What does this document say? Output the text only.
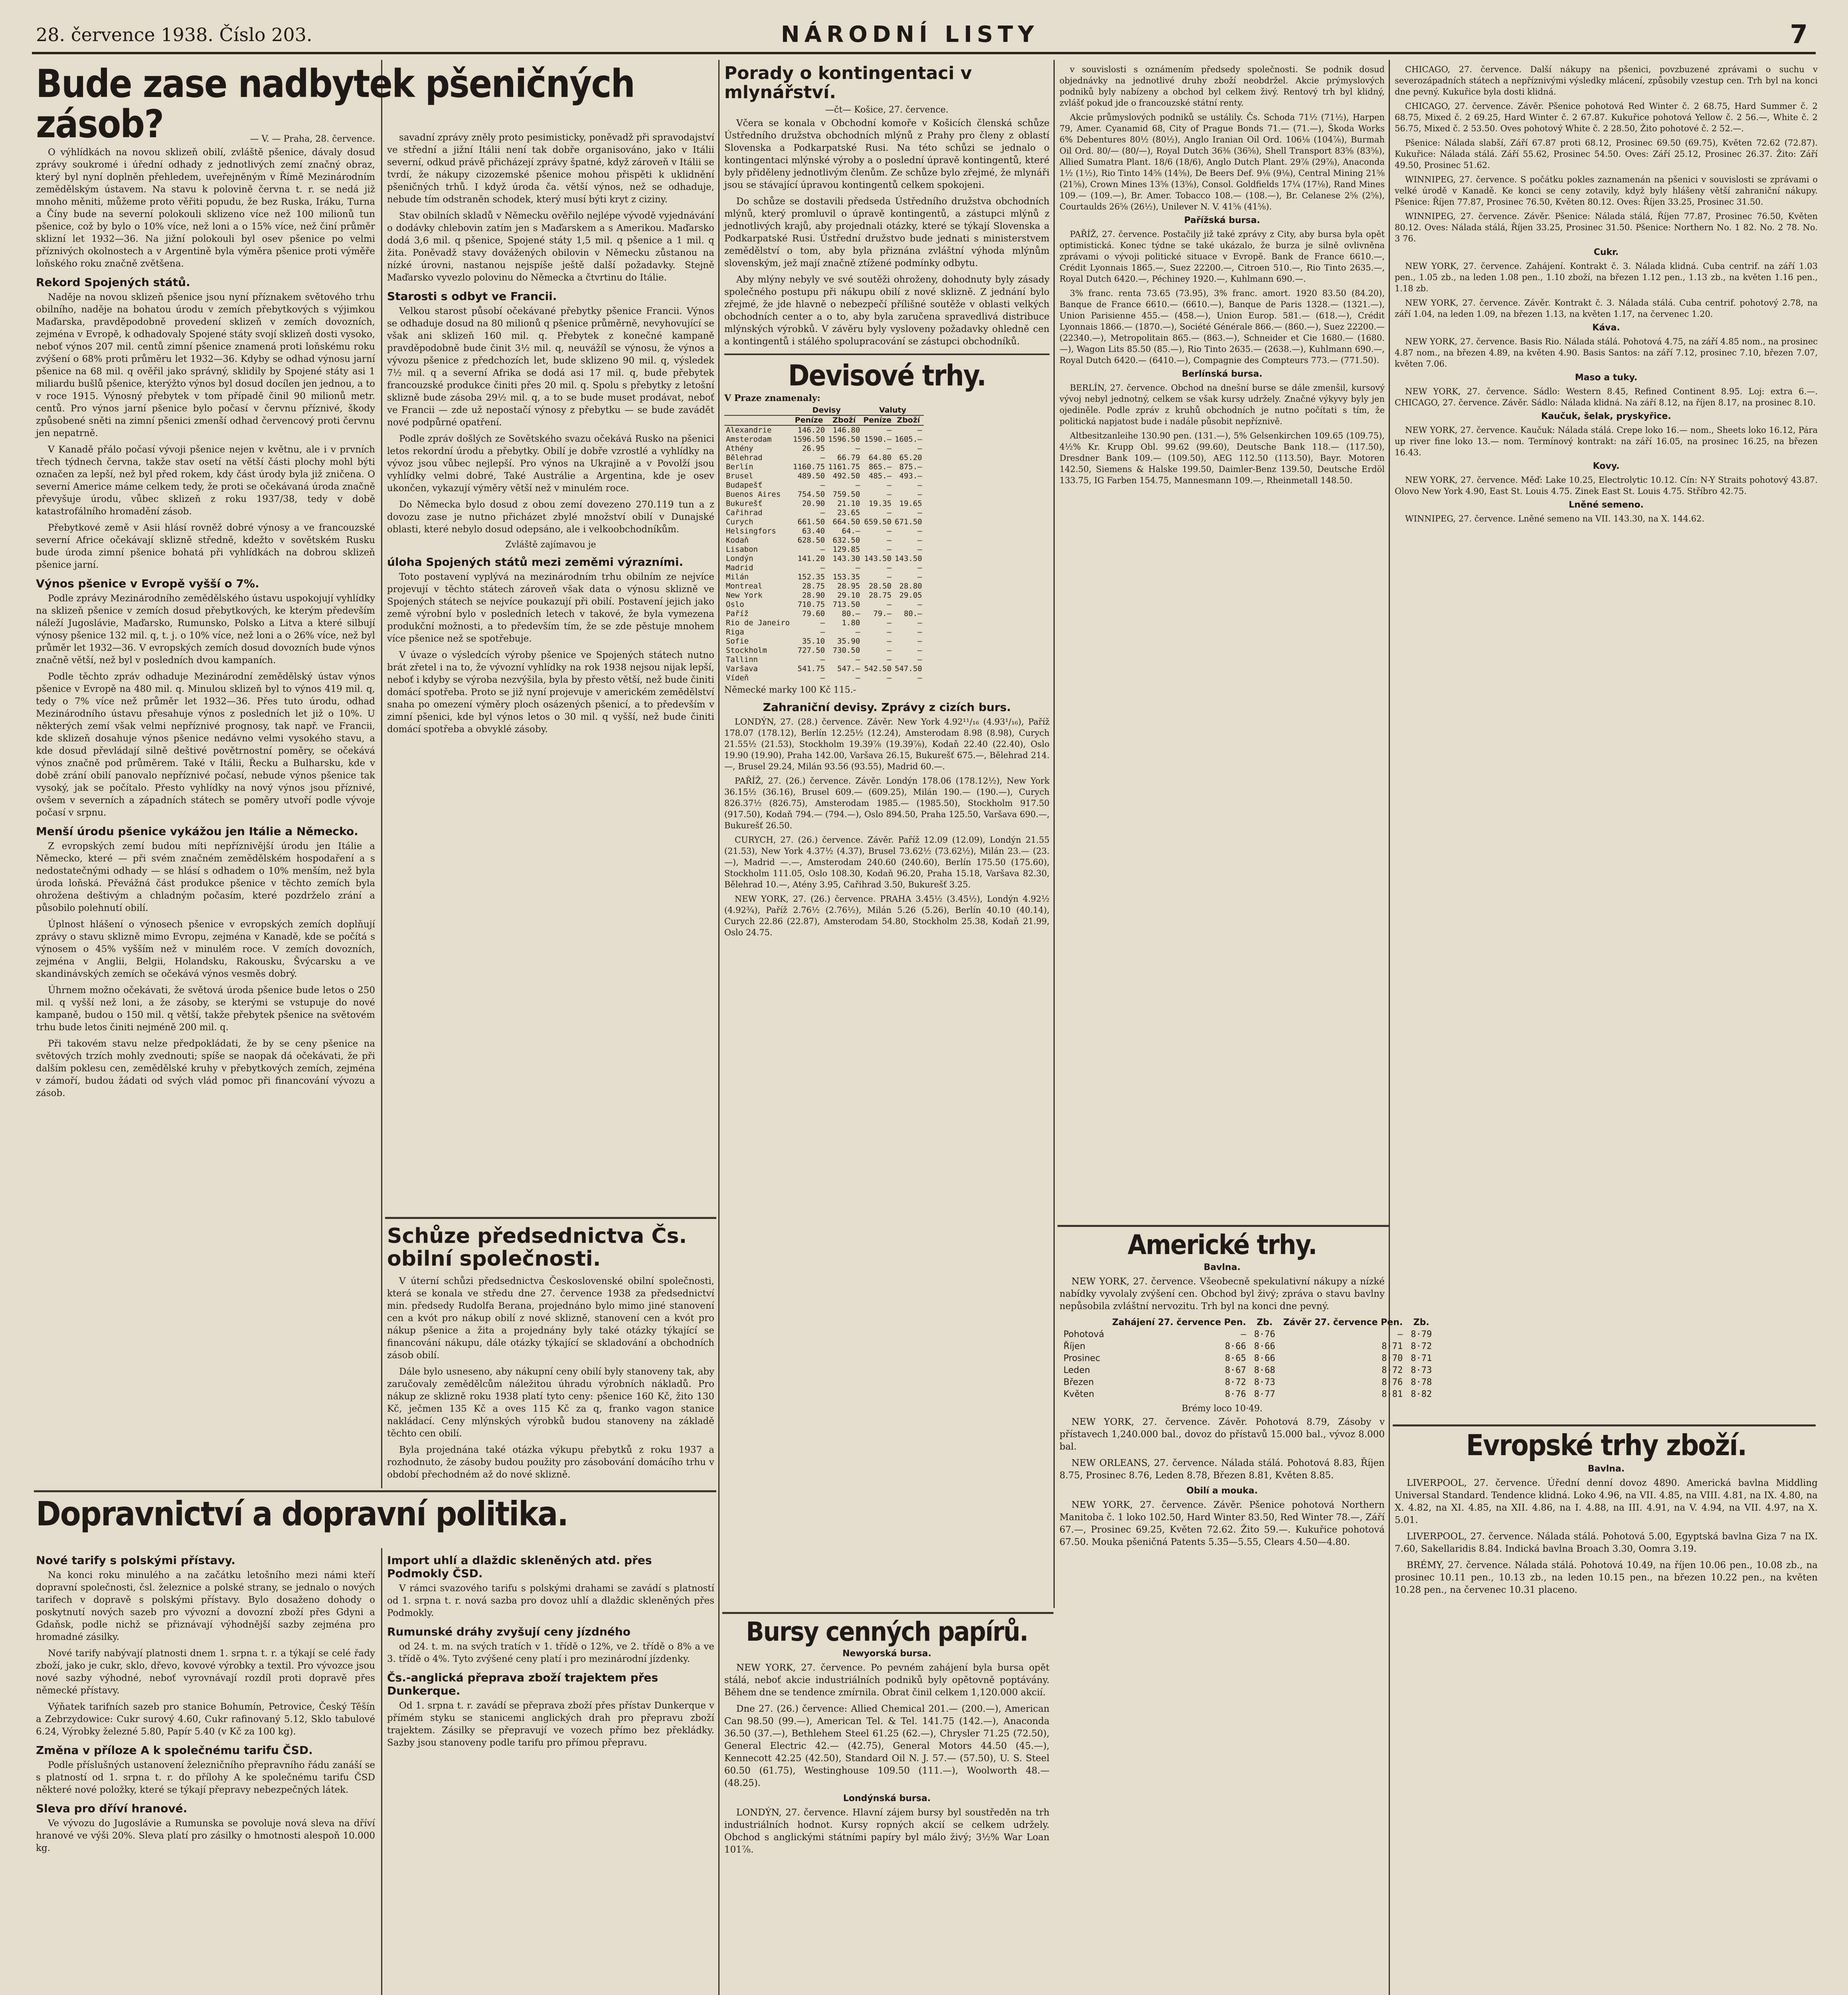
28. července 1938. Číslo 203.	NÁRODNÍ LISTY	7
Bude zase nadbytek pšeničných zásob?	— V. — Praha, 28. července.

O výhlídkách na novou sklizeň obilí, zvláště pšenice, dávaly dosud zprávy soukromé i úřední odhady z jednotlivých zemí značný obraz, který byl nyní doplněn přehledem, uveřejněným v Římě Mezinárodním zemědělským ústavem. Na stavu k polovině června t. r. se nedá již mnoho měniti, můžeme proto věřiti popudu, že bez Ruska, Iráku, Turna a Číny bude na severní polokouli sklizeno více než 100 milionů tun pšenice, což by bylo o 10% více, než loni a o 15% více, než činí průměr sklizní let 1932—36. Na jižní polokouli byl osev pšenice po velmi příznivých okolnostech a v Argentině byla výměra pšenice proti výměře loňského roku značně zvětšena.

Rekord Spojených států.

Naděje na novou sklizeň pšenice jsou nyní příznakem světového trhu obilního, naděje na bohatou úrodu v zemích přebytkových s výjimkou Maďarska, pravděpodobně provedení sklizeň v zemích dovozních, zejména v Evropě, k odhadovaly Spojené státy svojí sklizeň dosti vysoko, neboť výnos 207 mil. centů zimní pšenice znamená proti loňskému roku zvýšení o 68% proti průměru let 1932—36. Kdyby se odhad výnosu jarní pšenice na 68 mil. q ověřil jako správný, sklidily by Spojené státy asi 1 miliardu bušlů pšenice, kterýžto výnos byl dosud docílen jen jednou, a to v roce 1915. Výnosný přebytek v tom případě činil 90 milionů metr. centů. Pro výnos jarní pšenice bylo počasí v červnu příznivé, škody způsobené sněti na zimní pšenici zmenší odhad červencový proti červnu jen nepatrně.

V Kanadě přálo počasí vývoji pšenice nejen v květnu, ale i v prvních třech týdnech června, takže stav osetí na větší části plochy mohl býti označen za lepší, než byl před rokem, kdy část úrody byla již zničena. O severní Americe máme celkem tedy, že proti se očekávaná úroda značně převyšuje úrodu, vůbec sklizeň z roku 1937/38, tedy v době katastrofálního hromadění zásob.

Přebytkové země v Asii hlásí rovněž dobré výnosy a ve francouzské severní Africe očekávají sklizně středně, kdežto v sovětském Rusku bude úroda zimní pšenice bohatá při vyhlídkách na dobrou sklizeň pšenice jarní.

Výnos pšenice v Evropě vyšší o 7%.

Podle zprávy Mezinárodního zemědělského ústavu uspokojují vyhlídky na sklizeň pšenice v zemích dosud přebytkových, ke kterým především náleží Jugoslávie, Maďarsko, Rumunsko, Polsko a Litva a které silbují výnosy pšenice 132 mil. q, t. j. o 10% více, než loni a o 26% více, než byl průměr let 1932—36. V evropských zemích dosud dovozních bude výnos značně větší, než byl v posledních dvou kampaních.

Podle těchto zpráv odhaduje Mezinárodní zemědělský ústav výnos pšenice v Evropě na 480 mil. q. Minulou sklizeň byl to výnos 419 mil. q, tedy o 7% více než průměr let 1932—36. Přes tuto úrodu, odhad Mezinárodního ústavu přesahuje výnos z posledních let již o 10%. U některých zemí však velmi nepříznivé prognosy, tak např. ve Francii, kde sklizeň dosahuje výnos pšenice nedávno velmi vysokého stavu, a kde dosud převládají silně deštivé povětrnostní poměry, se očekává výnos značně pod průměrem. Také v Itálii, Řecku a Bulharsku, kde v době zrání obilí panovalo nepříznivé počasí, nebude výnos pšenice tak vysoký, jak se počítalo. Přesto vyhlídky na nový výnos jsou příznivé, ovšem v severních a západních státech se poměry utvoří podle vývoje počasí v srpnu.

Menší úrodu pšenice vykážou jen Itálie a Německo.

Z evropských zemí budou míti nepříznivější úrodu jen Itálie a Německo, které — při svém značném zemědělském hospodaření a s nedostatečnými odhady — se hlásí s odhadem o 10% menším, než byla úroda loňská. Převážná část produkce pšenice v těchto zemích byla ohrožena deštivým a chladným počasím, které pozdrželo zrání a působilo polehnutí obilí.

Úplnost hlášení o výnosech pšenice v evropských zemích doplňují zprávy o stavu sklizně mimo Evropu, zejména v Kanadě, kde se počítá s výnosem o 45% vyšším než v minulém roce. V zemích dovozních, zejména v Anglii, Belgii, Holandsku, Rakousku, Švýcarsku a ve skandinávských zemích se očekává výnos vesměs dobrý.

Úhrnem možno očekávati, že světová úroda pšenice bude letos o 250 mil. q vyšší než loni, a že zásoby, se kterými se vstupuje do nové kampaně, budou o 150 mil. q větší, takže přebytek pšenice na světovém trhu bude letos činiti nejméně 200 mil. q.

Při takovém stavu nelze předpokládati, že by se ceny pšenice na světových trzích mohly zvednouti; spíše se naopak dá očekávati, že při dalším poklesu cen, zemědělské kruhy v přebytkových zemích, zejména v zámoří, budou žádati od svých vlád pomoc při financování vývozu a zásob.

savadní zprávy zněly proto pesimisticky, poněvadž při spravodajství ve střední a jižní Itálii není tak dobře organisováno, jako v Itálii severní, odkud právě přicházejí zprávy špatné, když zároveň v Itálii se tvrdí, že nákupy cizozemské pšenice mohou přispěti k uklidnění pšeničných trhů. I když úroda ča. větší výnos, než se odhaduje, nebude tím odstraněn schodek, který musí býti kryt z ciziny.

Stav obilních skladů v Německu ověřilo nejlépe vývodě vyjednávání o dodávky chlebovin zatím jen s Maďarskem a s Amerikou. Maďarsko dodá 3,6 mil. q pšenice, Spojené státy 1,5 mil. q pšenice a 1 mil. q žita. Poněvadž stavy dovážených obilovin v Německu zůstanou na nízké úrovni, nastanou nejspíše ještě další požadavky. Stejně Maďarsko vyvezlo polovinu do Německa a čtvrtinu do Itálie.

Starosti s odbyt ve Francii.

Velkou starost působí očekávané přebytky pšenice Francii. Výnos se odhaduje dosud na 80 milionů q pšenice průměrně, nevyhovující se však ani sklizeň 160 mil. q. Přebytek z konečné kampaně pravděpodobně bude činit 3½ mil. q, neuvážíl se výnosu, že výnos a vývozu pšenice z předchozích let, bude sklizeno 90 mil. q, výsledek 7½ mil. q a severní Afrika se dodá asi 17 mil. q, bude přebytek francouzské produkce činiti přes 20 mil. q. Spolu s přebytky z letošní sklizně bude zásoba 29½ mil. q, a to se bude muset prodávat, neboť ve Francii — zde už nepostačí výnosy z přebytku — se bude zavádět nové podpůrné opatření.

Podle zpráv došlých ze Sovětského svazu očekává Rusko na pšenici letos rekordní úrodu a přebytky. Obilí je dobře vzrostlé a vyhlídky na vývoz jsou vůbec nejlepší. Pro výnos na Ukrajině a v Povolží jsou vyhlídky velmi dobré, Také Austrálie a Argentina, kde je osev ukončen, vykazují výměry větší než v minulém roce.

Do Německa bylo dosud z obou zemí dovezeno 270.119 tun a z dovozu zase je nutno přicházet zbylé množství obilí v Dunajské oblasti, které nebylo dosud odepsáno, ale i velkoobchodníkům.

Zvláště zajímavou je

úloha Spojených států mezi zeměmi výrazními.

Toto postavení vyplývá na mezinárodním trhu obilním ze nejvíce projevují v těchto státech zároveň však data o výnosu sklizně ve Spojených státech se nejvíce poukazují při obilí. Postavení jejich jako země výrobní bylo v posledních letech v takové, že byla vymezena produkční možnosti, a to především tím, že se zde pěstuje mnohem více pšenice než se spotřebuje.

V úvaze o výsledcích výroby pšenice ve Spojených státech nutno brát zřetel i na to, že vývozní vyhlídky na rok 1938 nejsou nijak lepší, neboť i kdyby se výroba nezvýšila, byla by přesto větší, než bude činiti domácí spotřeba. Proto se již nyní projevuje v americkém zemědělství snaha po omezení výměry ploch osázených pšenicí, a to především v zimní pšenici, kde byl výnos letos o 30 mil. q vyšší, než bude činiti domácí spotřeba a obvyklé zásoby.

Schůze předsednictva Čs. obilní společnosti.

V úterní schůzi předsednictva Československé obilní společnosti, která se konala ve středu dne 27. července 1938 za předsednictví min. předsedy Rudolfa Berana, projednáno bylo mimo jiné stanovení cen a kvót pro nákup obilí z nové sklizně, stanovení cen a kvót pro nákup pšenice a žita a projednány byly také otázky týkající se financování nákupu, dále otázky týkající se skladování a obchodních zásob obilí.

Dále bylo usneseno, aby nákupní ceny obilí byly stanoveny tak, aby zaručovaly zemědělcům náležitou úhradu výrobních nákladů. Pro nákup ze sklizně roku 1938 platí tyto ceny: pšenice 160 Kč, žito 130 Kč, ječmen 135 Kč a oves 115 Kč za q, franko vagon stanice nakládací. Ceny mlýnských výrobků budou stanoveny na základě těchto cen obilí.

Byla projednána také otázka výkupu přebytků z roku 1937 a rozhodnuto, že zásoby budou použity pro zásobování domácího trhu v období přechodném až do nové sklizně.

Dopravnictví a dopravní politika.

Nové tarify s polskými přístavy.

Na konci roku minulého a na začátku letošního mezi námi kteří dopravní společnosti, čsl. železnice a polské strany, se jednalo o nových tarifech v dopravě s polskými přístavy. Bylo dosaženo dohody o poskytnutí nových sazeb pro vývozní a dovozní zboží přes Gdyni a Gdaňsk, podle nichž se přiznávají výhodnější sazby zejména pro hromadné zásilky.

Nové tarify nabývají platnosti dnem 1. srpna t. r. a týkají se celé řady zboží, jako je cukr, sklo, dřevo, kovové výrobky a textil. Pro vývozce jsou nové sazby výhodné, neboť vyrovnávají rozdíl proti dopravě přes německé přístavy.

Výňatek tarifních sazeb pro stanice Bohumín, Petrovice, Český Těšín a Zebrzydowice: Cukr surový 4.60, Cukr rafinovaný 5.12, Sklo tabulové 6.24, Výrobky železné 5.80, Papír 5.40 (v Kč za 100 kg).

Změna v příloze A k společnému tarifu ČSD.

Podle příslušných ustanovení železničního přepravního řádu zanáší se s platností od 1. srpna t. r. do přílohy A ke společnému tarifu ČSD některé nové položky, které se týkají přepravy nebezpečných látek.

Sleva pro dříví hranové.

Ve vývozu do Jugoslávie a Rumunska se povoluje nová sleva na dříví hranové ve výši 20%. Sleva platí pro zásilky o hmotnosti alespoň 10.000 kg.

Import uhlí a dlaždic skleněných atd. přes Podmokly ČSD.

V rámci svazového tarifu s polskými drahami se zavádí s platností od 1. srpna t. r. nová sazba pro dovoz uhlí a dlaždic skleněných přes Podmokly.

Rumunské dráhy zvyšují ceny jízdného

od 24. t. m. na svých tratích v 1. třídě o 12%, ve 2. třídě o 8% a ve 3. třídě o 4%. Tyto zvýšené ceny platí i pro mezinárodní jízdenky.

Čs.-anglická přeprava zboží trajektem přes Dunkerque.

Od 1. srpna t. r. zavádí se přeprava zboží přes přístav Dunkerque v přímém styku se stanicemi anglických drah pro přepravu zboží trajektem. Zásilky se přepravují ve vozech přímo bez překládky. Sazby jsou stanoveny podle tarifu pro přímou přepravu.

Porady o kontingentaci v mlynářství.

—čt— Košice, 27. července.

Včera se konala v Obchodní komoře v Košicích členská schůze Ústředního družstva obchodních mlýnů z Prahy pro členy z oblastí Slovenska a Podkarpatské Rusi. Na této schůzi se jednalo o kontingentaci mlýnské výroby a o poslední úpravě kontingentů, které byly přiděleny jednotlivým členům. Ze schůze bylo zřejmé, že mlynáři jsou se stávající úpravou kontingentů celkem spokojeni.

Do schůze se dostavili předseda Ústředního družstva obchodních mlýnů, který promluvil o úpravě kontingentů, a zástupci mlýnů z jednotlivých krajů, aby projednali otázky, které se týkají Slovenska a Podkarpatské Rusi. Ústřední družstvo bude jednati s ministerstvem zemědělství o tom, aby byla přiznána zvláštní výhoda mlýnům slovenským, jež mají značně ztížené podmínky odbytu.

Aby mlýny nebyly ve své soutěži ohroženy, dohodnuty byly zásady společného postupu při nákupu obilí z nové sklizně. Z jednání bylo zřejmé, že jde hlavně o nebezpečí přílišné soutěže v oblasti velkých obchodních center a o to, aby byla zaručena spravedlivá distribuce mlýnských výrobků. V závěru byly vysloveny požadavky ohledně cen a kontingentů i stálého spolupracování se zástupci obchodníků.

Devisové trhy.

V Praze znamenaly:

	Devisy		Valuty	
	Peníze	Zboží	Peníze	Zboží
Alexandrie	146.20	146.80	—	—
Amsterodam	1596.50	1596.50	1590.—	1605.—
Athény	26.95	—	—	—
Bělehrad	—	66.79	64.80	65.20
Berlín	1160.75	1161.75	865.—	875.—
Brusel	489.50	492.50	485.—	493.—
Budapešť	—	—	—	—
Buenos Aires	754.50	759.50	—	—
Bukurešť	20.90	21.10	19.35	19.65
Cařihrad	—	23.65	—	—
Curych	661.50	664.50	659.50	671.50
Helsingfors	63.40	64.—	—	—
Kodaň	628.50	632.50	—	—
Lisabon	—	129.85	—	—
Londýn	141.20	143.30	143.50	143.50
Madrid	—	—	—	—
Milán	152.35	153.35	—	—
Montreal	28.75	28.95	28.50	28.80
New York	28.90	29.10	28.75	29.05
Oslo	710.75	713.50	—	—
Paříž	79.60	80.—	79.—	80.—
Rio de Janeiro	—	1.80	—	—
Riga	—	—	—	—
Sofie	35.10	35.90	—	—
Stockholm	727.50	730.50	—	—
Tallinn	—	—	—	—
Varšava	541.75	547.—	542.50	547.50
Vídeň	—	—	—	—

Německé marky 100 Kč 115.-

Zahraniční devisy. Zprávy z cizích burs.

LONDÝN, 27. (28.) července. Závěr. New York 4.92¹¹/₁₆ (4.93¹/₁₆), Paříž 178.07 (178.12), Berlín 12.25½ (12.24), Amsterodam 8.98 (8.98), Curych 21.55½ (21.53), Stockholm 19.39⅞ (19.39⅞), Kodaň 22.40 (22.40), Oslo 19.90 (19.90), Praha 142.00, Varšava 26.15, Bukurešť 675.—, Bělehrad 214.—, Brusel 29.24, Milán 93.56 (93.55), Madrid 60.—.

PAŘÍŽ, 27. (26.) července. Závěr. Londýn 178.06 (178.12½), New York 36.15½ (36.16), Brusel 609.— (609.25), Milán 190.— (190.—), Curych 826.37½ (826.75), Amsterodam 1985.— (1985.50), Stockholm 917.50 (917.50), Kodaň 794.— (794.—), Oslo 894.50, Praha 125.50, Varšava 690.—, Bukurešť 26.50.

CURYCH, 27. (26.) července. Závěr. Paříž 12.09 (12.09), Londýn 21.55 (21.53), New York 4.37½ (4.37), Brusel 73.62½ (73.62½), Milán 23.— (23.—), Madrid —.—, Amsterodam 240.60 (240.60), Berlín 175.50 (175.60), Stockholm 111.05, Oslo 108.30, Kodaň 96.20, Praha 15.18, Varšava 82.30, Bělehrad 10.—, Atény 3.95, Cařihrad 3.50, Bukurešť 3.25.

NEW YORK, 27. (26.) července. PRAHA 3.45½ (3.45½), Londýn 4.92½ (4.92¾), Paříž 2.76½ (2.76½), Milán 5.26 (5.26), Berlín 40.10 (40.14), Curych 22.86 (22.87), Amsterodam 54.80, Stockholm 25.38, Kodaň 21.99, Oslo 24.75.

Bursy cenných papírů.

Newyorská bursa.

NEW YORK, 27. července. Po pevném zahájení byla bursa opět stálá, neboť akcie industriálních podniků byly opětovně poptávány. Během dne se tendence zmírnila. Obrat činil celkem 1,120.000 akcií.

Dne 27. (26.) července: Allied Chemical 201.— (200.—), American Can 98.50 (99.—), American Tel. & Tel. 141.75 (142.—), Anaconda 36.50 (37.—), Bethlehem Steel 61.25 (62.—), Chrysler 71.25 (72.50), General Electric 42.— (42.75), General Motors 44.50 (45.—), Kennecott 42.25 (42.50), Standard Oil N. J. 57.— (57.50), U. S. Steel 60.50 (61.75), Westinghouse 109.50 (111.—), Woolworth 48.— (48.25).

Londýnská bursa.

LONDÝN, 27. července. Hlavní zájem bursy byl soustředěn na trh industriálních hodnot. Kursy ropných akcií se celkem udržely. Obchod s anglickými státními papíry byl málo živý; 3½% War Loan 101⅞.

v souvislosti s oznámením předsedy společnosti. Se podnik dosud objednávky na jednotlivé druhy zboží neobdržel. Akcie prýmyslových podniků byly nabízeny a obchod byl celkem živý. Rentový trh byl klidný, zvlášť pokud jde o francouzské státní renty.

Akcie průmyslových podniků se ustálily. Čs. Schoda 71½ (71½), Harpen 79, Amer. Cyanamid 68, City of Prague Bonds 71.— (71.—), Škoda Works 6% Debentures 80½ (80½), Anglo Iranian Oil Ord. 106⅛ (104⅞), Burmah Oil Ord. 80/— (80/—), Royal Dutch 36⅜ (36⅝), Shell Transport 83⅝ (83⅝), Allied Sumatra Plant. 18/6 (18/6), Anglo Dutch Plant. 29⅞ (29⅞), Anaconda 1½ (1½), Rio Tinto 14⅝ (14⅝), De Beers Def. 9⅛ (9⅛), Central Mining 21⅝ (21⅝), Crown Mines 13⅝ (13⅝), Consol. Goldfields 17¼ (17⅛), Rand Mines 109.— (109.—), Br. Amer. Tobacco 108.— (108.—), Br. Celanese 2⅝ (2⅝), Courtaulds 26⅝ (26½), Unilever N. V. 41⅝ (41⅝).

Pařížská bursa.

PAŘÍŽ, 27. července. Postačily již také zprávy z City, aby bursa byla opět optimistická. Konec týdne se také ukázalo, že burza je silně ovlivněna zprávami o vývoji politické situace v Evropě. Bank de France 6610.—, Crédit Lyonnais 1865.—, Suez 22200.—, Citroen 510.—, Rio Tinto 2635.—, Royal Dutch 6420.—, Péchiney 1920.—, Kuhlmann 690.—.

3% franc. renta 73.65 (73.95), 3% franc. amort. 1920 83.50 (84.20), Banque de France 6610.— (6610.—), Banque de Paris 1328.— (1321.—), Union Parisienne 455.— (458.—), Union Europ. 581.— (618.—), Crédit Lyonnais 1866.— (1870.—), Société Générale 866.— (860.—), Suez 22200.— (22340.—), Metropolitain 865.— (863.—), Schneider et Cie 1680.— (1680.—), Wagon Lits 85.50 (85.—), Rio Tinto 2635.— (2638.—), Kuhlmann 690.—, Royal Dutch 6420.— (6410.—), Compagnie des Compteurs 773.— (771.50).

Berlínská bursa.

BERLÍN, 27. července. Obchod na dnešní burse se dále zmenšil, kursový vývoj nebyl jednotný, celkem se však kursy udržely. Značné výkyvy byly jen ojediněle. Podle zpráv z kruhů obchodních je nutno počítati s tím, že politická napjatost bude i nadále působit nepříznivě.

Altbesitzanleihe 130.90 pen. (131.—), 5% Gelsenkirchen 109.65 (109.75), 4½% Kr. Krupp Obl. 99.62 (99.60), Deutsche Bank 118.— (117.50), Dresdner Bank 109.— (109.50), AEG 112.50 (113.50), Bayr. Motoren 142.50, Siemens & Halske 199.50, Daimler-Benz 139.50, Deutsche Erdöl 133.75, IG Farben 154.75, Mannesmann 109.—, Rheinmetall 148.50.

Americké trhy.

Bavlna.

NEW YORK, 27. července. Všeobecně spekulativní nákupy a nízké nabídky vyvolaly zvýšení cen. Obchod byl živý; zpráva o stavu bavlny nepůsobila zvláštní nervozitu. Trh byl na konci dne pevný.

	Zahájení 27. července Pen.	Zb.	Závěr 27. července Pen.	Zb.
Pohotová	—	8·76	—	8·79
Říjen	8·66	8·66	8·71	8·72
Prosinec	8·65	8·66	8·70	8·71
Leden	8·67	8·68	8·72	8·73
Březen	8·72	8·73	8·76	8·78
Květen	8·76	8·77	8·81	8·82

Brémy loco 10·49.

NEW YORK, 27. července. Závěr. Pohotová 8.79, Zásoby v přístavech 1,240.000 bal., dovoz do přístavů 15.000 bal., vývoz 8.000 bal.

NEW ORLEANS, 27. července. Nálada stálá. Pohotová 8.83, Říjen 8.75, Prosinec 8.76, Leden 8.78, Březen 8.81, Květen 8.85.

Obilí a mouka.

NEW YORK, 27. července. Závěr. Pšenice pohotová Northern Manitoba č. 1 loko 102.50, Hard Winter 83.50, Red Winter 78.—, Září 67.—, Prosinec 69.25, Květen 72.62. Žito 59.—. Kukuřice pohotová 67.50. Mouka pšeničná Patents 5.35—5.55, Clears 4.50—4.80.

CHICAGO, 27. července. Další nákupy na pšenici, povzbuzené zprávami o suchu v severozápadních státech a nepříznivými výsledky mlácení, způsobily vzestup cen. Trh byl na konci dne pevný. Kukuřice byla dosti klidná.

CHICAGO, 27. července. Závěr. Pšenice pohotová Red Winter č. 2 68.75, Hard Summer č. 2 68.75, Mixed č. 2 69.25, Hard Winter č. 2 67.87. Kukuřice pohotová Yellow č. 2 56.—, White č. 2 56.75, Mixed č. 2 53.50. Oves pohotový White č. 2 28.50, Žito pohotové č. 2 52.—.

Pšenice: Nálada slabší, Září 67.87 proti 68.12, Prosinec 69.50 (69.75), Květen 72.62 (72.87). Kukuřice: Nálada stálá. Září 55.62, Prosinec 54.50. Oves: Září 25.12, Prosinec 26.37. Žito: Září 49.50, Prosinec 51.62.

WINNIPEG, 27. července. S počátku pokles zaznamenán na pšenici v souvislosti se zprávami o velké úrodě v Kanadě. Ke konci se ceny zotavily, když byly hlášeny větší zahraniční nákupy. Pšenice: Říjen 77.87, Prosinec 76.50, Květen 80.12. Oves: Říjen 33.25, Prosinec 31.50.

WINNIPEG, 27. července. Závěr. Pšenice: Nálada stálá, Říjen 77.87, Prosinec 76.50, Květen 80.12. Oves: Nálada stálá, Říjen 33.25, Prosinec 31.50. Pšenice: Northern No. 1 82. No. 2 78. No. 3 76.

Cukr.

NEW YORK, 27. července. Zahájení. Kontrakt č. 3. Nálada klidná. Cuba centrif. na září 1.03 pen., 1.05 zb., na leden 1.08 pen., 1.10 zboží, na březen 1.12 pen., 1.13 zb., na květen 1.16 pen., 1.18 zb.

NEW YORK, 27. července. Závěr. Kontrakt č. 3. Nálada stálá. Cuba centrif. pohotový 2.78, na září 1.04, na leden 1.09, na březen 1.13, na květen 1.17, na červenec 1.20.

Káva.

NEW YORK, 27. července. Basis Rio. Nálada stálá. Pohotová 4.75, na září 4.85 nom., na prosinec 4.87 nom., na březen 4.89, na květen 4.90. Basis Santos: na září 7.12, prosinec 7.10, březen 7.07, květen 7.06.

Maso a tuky.

NEW YORK, 27. července. Sádlo: Western 8.45, Refined Continent 8.95. Loj: extra 6.—. CHICAGO, 27. července. Závěr. Sádlo: Nálada klidná. Na září 8.12, na říjen 8.17, na prosinec 8.10.

Kaučuk, šelak, pryskyřice.

NEW YORK, 27. července. Kaučuk: Nálada stálá. Crepe loko 16.— nom., Sheets loko 16.12, Pára up river fine loko 13.— nom. Termínový kontrakt: na září 16.05, na prosinec 16.25, na březen 16.43.

Kovy.

NEW YORK, 27. července. Měď: Lake 10.25, Electrolytic 10.12. Cín: N-Y Straits pohotový 43.87. Olovo New York 4.90, East St. Louis 4.75. Zinek East St. Louis 4.75. Stříbro 42.75.

Lněné semeno.

WINNIPEG, 27. července. Lněné semeno na VII. 143.30, na X. 144.62.

Evropské trhy zboží.

Bavlna.

LIVERPOOL, 27. července. Úřední denní dovoz 4890. Americká bavlna Middling Universal Standard. Tendence klidná. Loko 4.96, na VII. 4.85, na VIII. 4.81, na IX. 4.80, na X. 4.82, na XI. 4.85, na XII. 4.86, na I. 4.88, na III. 4.91, na V. 4.94, na VII. 4.97, na X. 5.01.

LIVERPOOL, 27. července. Nálada stálá. Pohotová 5.00, Egyptská bavlna Giza 7 na IX. 7.60, Sakellaridis 8.84. Indická bavlna Broach 3.30, Oomra 3.19.

BRÉMY, 27. července. Nálada stálá. Pohotová 10.49, na říjen 10.06 pen., 10.08 zb., na prosinec 10.11 pen., 10.13 zb., na leden 10.15 pen., na březen 10.22 pen., na květen 10.28 pen., na červenec 10.31 placeno.
